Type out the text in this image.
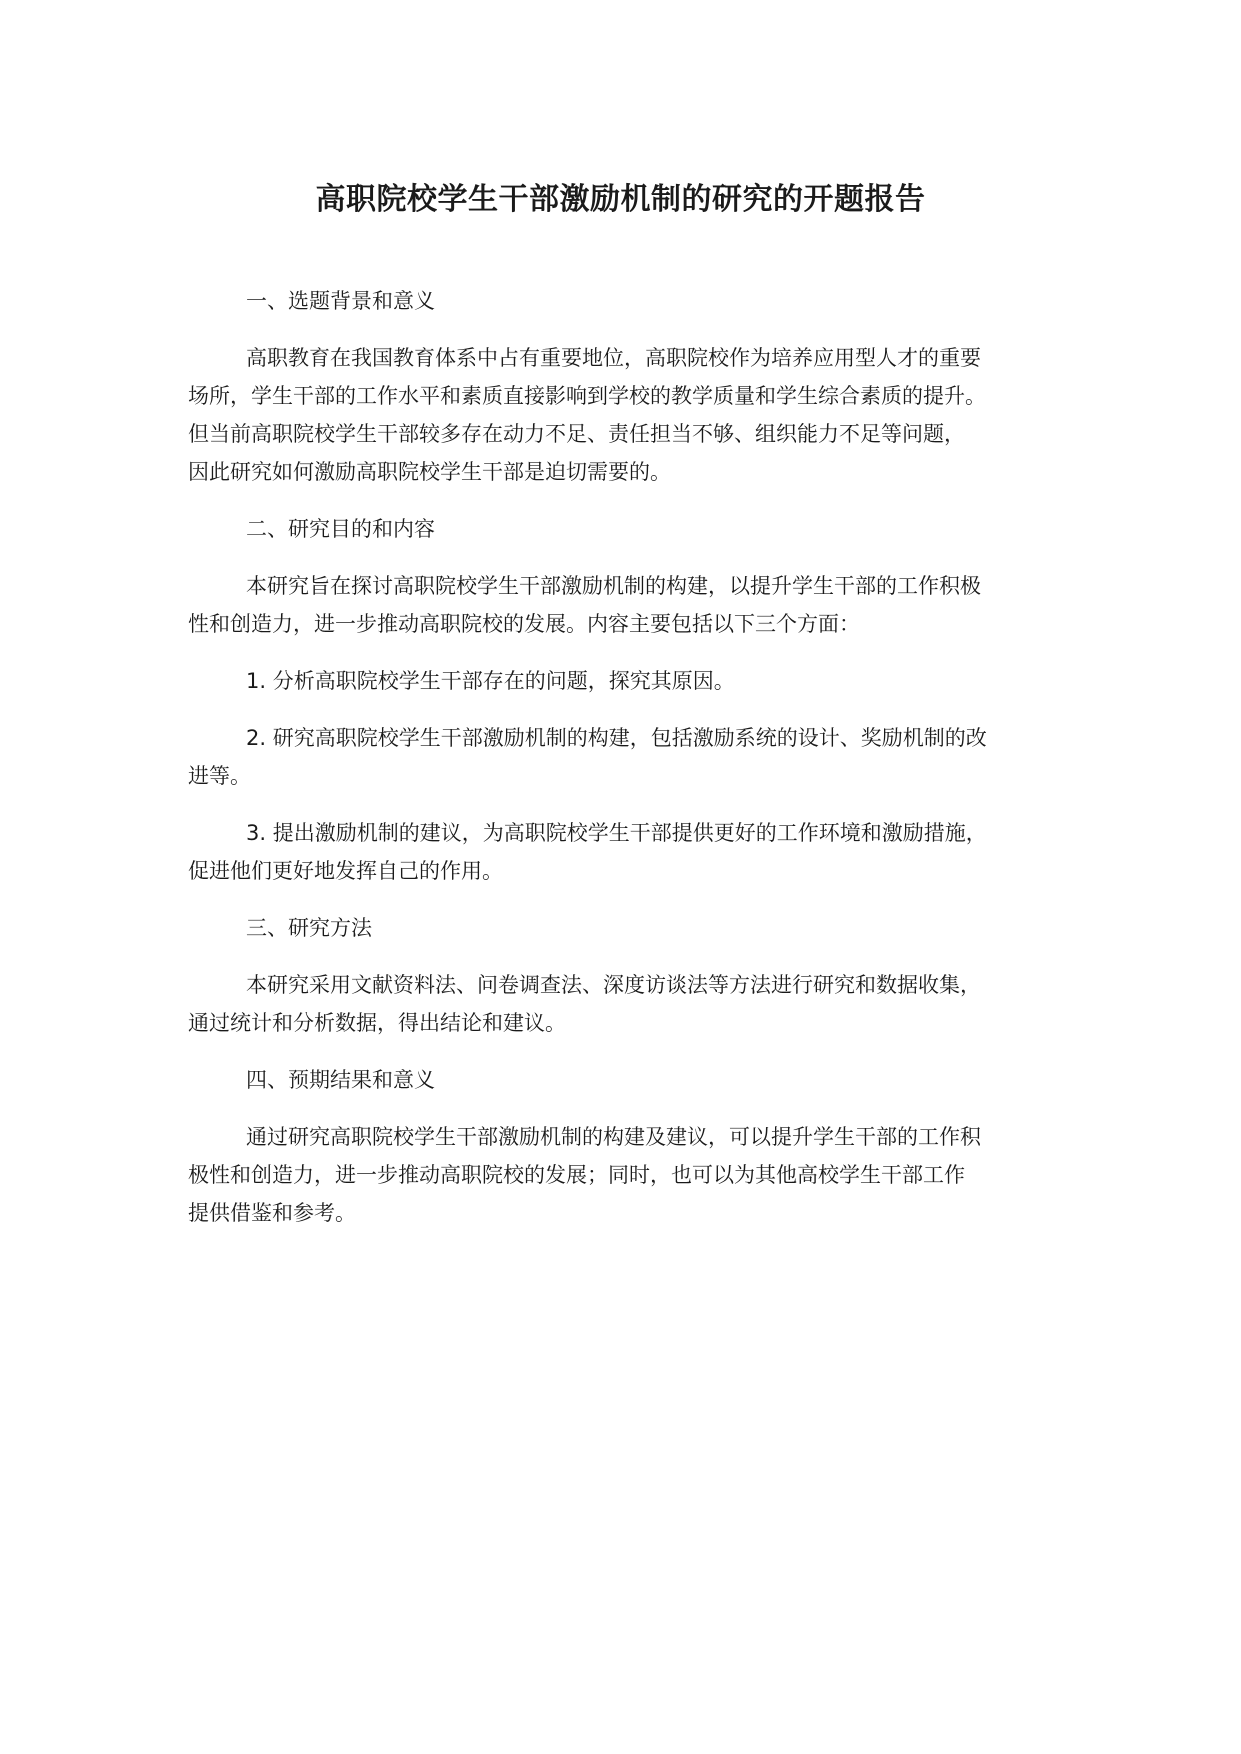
高职院校学生干部激励机制的研究的开题报告
一、选题背景和意义
高职教育在我国教育体系中占有重要地位，高职院校作为培养应用型人才的重要
场所，学生干部的工作水平和素质直接影响到学校的教学质量和学生综合素质的提升。
但当前高职院校学生干部较多存在动力不足、责任担当不够、组织能力不足等问题，
因此研究如何激励高职院校学生干部是迫切需要的。
二、研究目的和内容
本研究旨在探讨高职院校学生干部激励机制的构建，以提升学生干部的工作积极
性和创造力，进一步推动高职院校的发展。内容主要包括以下三个方面：
1. 分析高职院校学生干部存在的问题，探究其原因。
2. 研究高职院校学生干部激励机制的构建，包括激励系统的设计、奖励机制的改
进等。
3. 提出激励机制的建议，为高职院校学生干部提供更好的工作环境和激励措施，
促进他们更好地发挥自己的作用。
三、研究方法
本研究采用文献资料法、问卷调查法、深度访谈法等方法进行研究和数据收集，
通过统计和分析数据，得出结论和建议。
四、预期结果和意义
通过研究高职院校学生干部激励机制的构建及建议，可以提升学生干部的工作积
极性和创造力，进一步推动高职院校的发展；同时，也可以为其他高校学生干部工作
提供借鉴和参考。
